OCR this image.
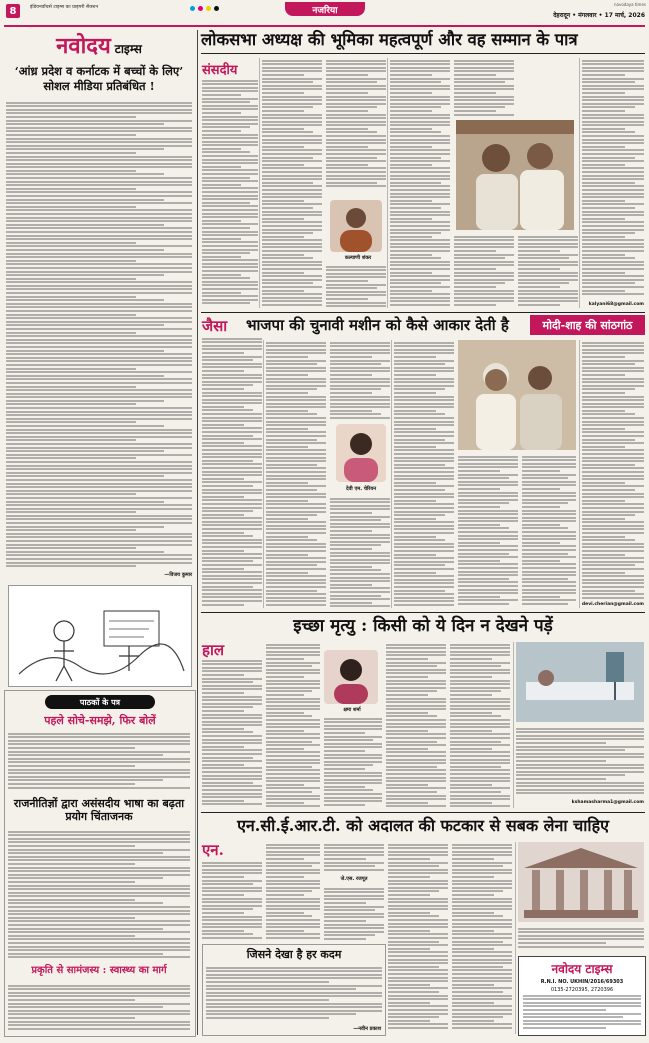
8	इंडियनवॉचर्स टाइम्स का प्राइमरी सैक्शन	नजरिया
navodaya times
देहरादून • मंगलवार • 17 मार्च, 2026
नवोदय टाइम्स
‘आंध्र प्रदेश व कर्नाटक में बच्चों के लिए’ सोशल मीडिया प्रतिबंधित !
—विजय कुमार
पाठकों के पत्र
पहले सोचे-समझे, फिर बोलें
राजनीतिज्ञों द्वारा असंसदीय भाषा का बढ़ता प्रयोग चिंताजनक
प्रकृति से सामंजस्य : स्वास्थ्य का मार्ग
लोकसभा अध्यक्ष की भूमिका महत्वपूर्ण और वह सम्मान के पात्र
संसदीय
कल्याणी शंकर
kalyani68@gmail.com
भाजपा की चुनावी मशीन को कैसे आकार देती है	मोदी-शाह की सांठगांठ
जैसा
देवी एम. चेरियन
devi.cherian@gmail.com
इच्छा मृत्यु : किसी को ये दिन न देखने पड़ें
हाल
क्षमा शर्मा
kshamasharma1@gmail.com
एन.सी.ई.आर.टी. को अदालत की फटकार से सबक लेना चाहिए
एन.
जे.एस. रजपूत
जिसने देखा है हर कदम
—नवीन प्रकाश
नवोदय टाइम्स
R.N.I. NO. UKHIN/2016/69303
0135-2720395, 2720396
